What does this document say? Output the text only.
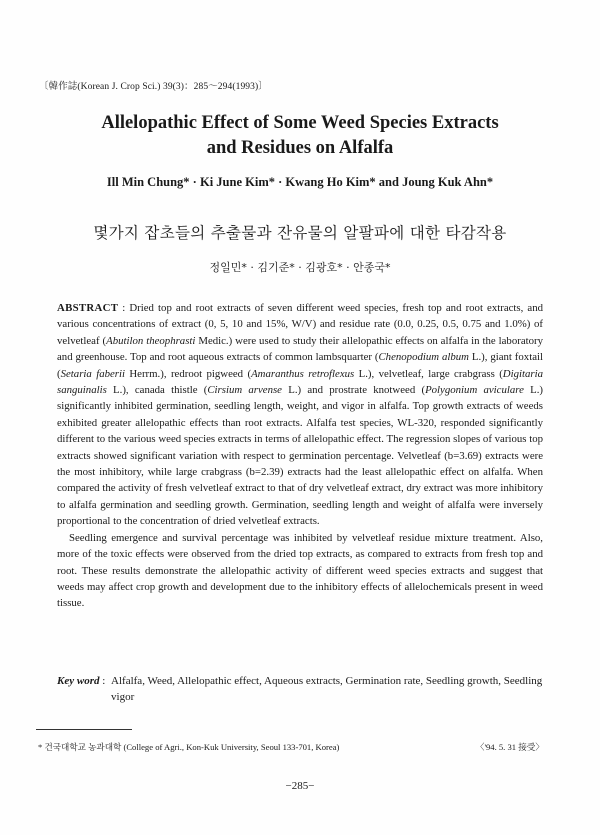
〔韓作誌(Korean J. Crop Sci.) 39(3)：285～294(1993)〕
Allelopathic Effect of Some Weed Species Extracts
and Residues on Alfalfa
Ill Min Chung* · Ki June Kim* · Kwang Ho Kim* and Joung Kuk Ahn*
몇가지 잡초들의 추출물과 잔유물의 알팔파에 대한 타감작용
정일민* · 김기준* · 김광호* · 안종국*

ABSTRACT : Dried top and root extracts of seven different weed species, fresh top and root extracts, and various concentrations of extract (0, 5, 10 and 15%, W/V) and residue rate (0.0, 0.25, 0.5, 0.75 and 1.0%) of velvetleaf (Abutilon theophrasti Medic.) were used to study their allelopathic effects on alfalfa in the laboratory and greenhouse. Top and root aqueous extracts of common lambsquarter (Chenopodium album L.), giant foxtail (Setaria faberii Herrm.), redroot pigweed (Amaranthus retroflexus L.), velvetleaf, large crabgrass (Digitaria sanguinalis L.), canada thistle (Cirsium arvense L.) and prostrate knotweed (Polygonium aviculare L.) significantly inhibited germination, seedling length, weight, and vigor in alfalfa. Top growth extracts of weeds exhibited greater allelopathic effects than root extracts. Alfalfa test species, WL-320, responded significantly different to the various weed species extracts in terms of allelopathic effect. The regression slopes of various top extracts showed significant variation with respect to germination percentage. Velvetleaf (b=3.69) extracts were the most inhibitory, while large crabgrass (b=2.39) extracts had the least allelopathic effect on alfalfa. When compared the activity of fresh velvetleaf extract to that of dry velvetleaf extract, dry extract was more inhibitory to alfalfa germination and seedling growth. Germination, seedling length and weight of alfalfa were inversely proportional to the concentration of dried velvetleaf extracts.

Seedling emergence and survival percentage was inhibited by velvetleaf residue mixture treatment. Also, more of the toxic effects were observed from the dried top extracts, as compared to extracts from fresh top and root. These results demonstrate the allelopathic activity of different weed species extracts and suggest that weeds may affect crop growth and development due to the inhibitory effects of allelochemicals present in weed tissue.

Key word : Alfalfa, Weed, Allelopathic effect, Aqueous extracts, Germination rate, Seedling growth, Seedling vigor
* 건국대학교 농과대학 (College of Agri., Kon-Kuk University, Seoul 133-701, Korea)	〈'94. 5. 31 接受〉
−285−
